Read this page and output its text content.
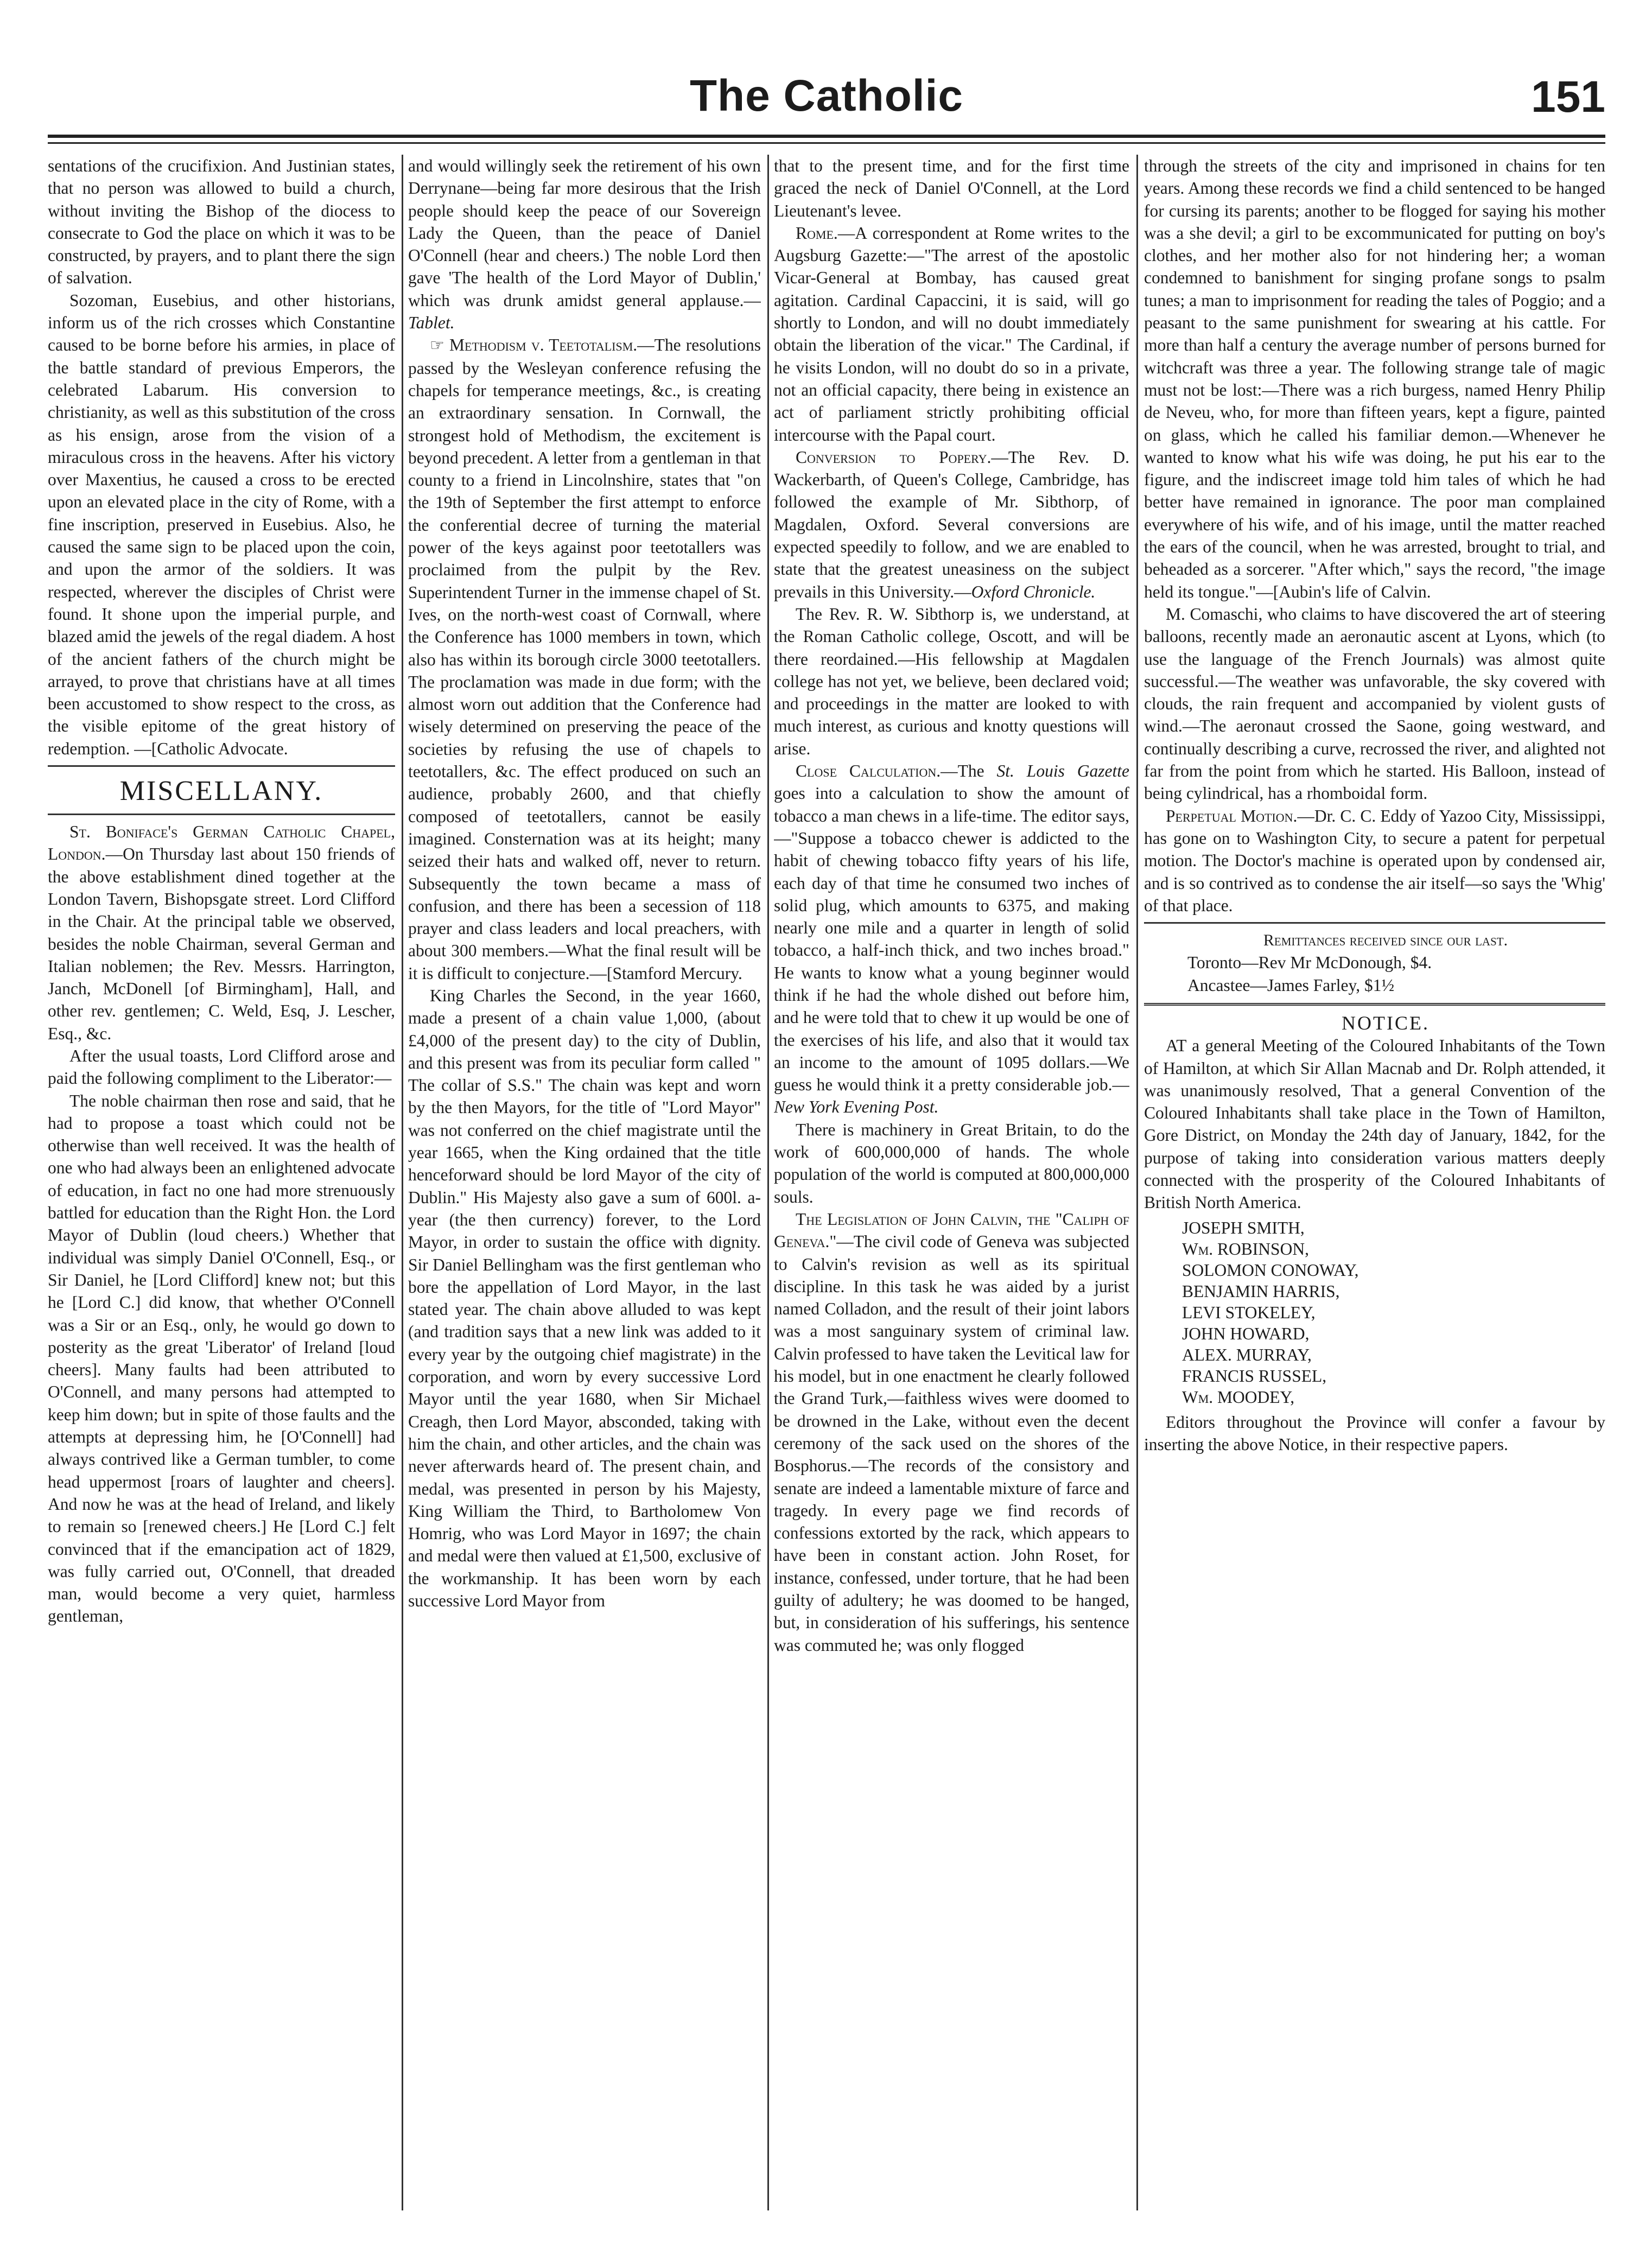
The Catholic	151

sentations of the crucifixion. And Justinian states, that no person was allowed to build a church, without inviting the Bishop of the diocess to consecrate to God the place on which it was to be constructed, by prayers, and to plant there the sign of salvation.

Sozoman, Eusebius, and other historians, inform us of the rich crosses which Constantine caused to be borne before his armies, in place of the battle standard of previous Emperors, the celebrated Labarum. His conversion to christianity, as well as this substitution of the cross as his ensign, arose from the vision of a miraculous cross in the heavens. After his victory over Maxentius, he caused a cross to be erected upon an elevated place in the city of Rome, with a fine inscription, preserved in Eusebius. Also, he caused the same sign to be placed upon the coin, and upon the armor of the soldiers. It was respected, wherever the disciples of Christ were found. It shone upon the imperial purple, and blazed amid the jewels of the regal diadem. A host of the ancient fathers of the church might be arrayed, to prove that christians have at all times been accustomed to show respect to the cross, as the visible epitome of the great history of redemption. —[Catholic Advocate.

MISCELLANY.

St. Boniface's German Catholic Chapel, London.—On Thursday last about 150 friends of the above establishment dined together at the London Tavern, Bishopsgate street. Lord Clifford in the Chair. At the principal table we observed, besides the noble Chairman, several German and Italian noblemen; the Rev. Messrs. Harrington, Janch, McDonell [of Birmingham], Hall, and other rev. gentlemen; C. Weld, Esq, J. Lescher, Esq., &c.

After the usual toasts, Lord Clifford arose and paid the following compliment to the Liberator:—

The noble chairman then rose and said, that he had to propose a toast which could not be otherwise than well received. It was the health of one who had always been an enlightened advocate of education, in fact no one had more strenuously battled for education than the Right Hon. the Lord Mayor of Dublin (loud cheers.) Whether that individual was simply Daniel O'Connell, Esq., or Sir Daniel, he [Lord Clifford] knew not; but this he [Lord C.] did know, that whether O'Connell was a Sir or an Esq., only, he would go down to posterity as the great 'Liberator' of Ireland [loud cheers]. Many faults had been attributed to O'Connell, and many persons had attempted to keep him down; but in spite of those faults and the attempts at depressing him, he [O'Connell] had always contrived like a German tumbler, to come head uppermost [roars of laughter and cheers]. And now he was at the head of Ireland, and likely to remain so [renewed cheers.] He [Lord C.] felt convinced that if the emancipation act of 1829, was fully carried out, O'Connell, that dreaded man, would become a very quiet, harmless gentleman,

and would willingly seek the retirement of his own Derrynane—being far more desirous that the Irish people should keep the peace of our Sovereign Lady the Queen, than the peace of Daniel O'Connell (hear and cheers.) The noble Lord then gave 'The health of the Lord Mayor of Dublin,' which was drunk amidst general applause.—Tablet.

☞ Methodism v. Teetotalism.—The resolutions passed by the Wesleyan conference refusing the chapels for temperance meetings, &c., is creating an extraordinary sensation. In Cornwall, the strongest hold of Methodism, the excitement is beyond precedent. A letter from a gentleman in that county to a friend in Lincolnshire, states that "on the 19th of September the first attempt to enforce the conferential decree of turning the material power of the keys against poor teetotallers was proclaimed from the pulpit by the Rev. Superintendent Turner in the immense chapel of St. Ives, on the north-west coast of Cornwall, where the Conference has 1000 members in town, which also has within its borough circle 3000 teetotallers. The proclamation was made in due form; with the almost worn out addition that the Conference had wisely determined on preserving the peace of the societies by refusing the use of chapels to teetotallers, &c. The effect produced on such an audience, probably 2600, and that chiefly composed of teetotallers, cannot be easily imagined. Consternation was at its height; many seized their hats and walked off, never to return. Subsequently the town became a mass of confusion, and there has been a secession of 118 prayer and class leaders and local preachers, with about 300 members.—What the final result will be it is difficult to conjecture.—[Stamford Mercury.

King Charles the Second, in the year 1660, made a present of a chain value 1,000, (about £4,000 of the present day) to the city of Dublin, and this present was from its peculiar form called " The collar of S.S." The chain was kept and worn by the then Mayors, for the title of "Lord Mayor" was not conferred on the chief magistrate until the year 1665, when the King ordained that the title henceforward should be lord Mayor of the city of Dublin." His Majesty also gave a sum of 600l. a-year (the then currency) forever, to the Lord Mayor, in order to sustain the office with dignity. Sir Daniel Bellingham was the first gentleman who bore the appellation of Lord Mayor, in the last stated year. The chain above alluded to was kept (and tradition says that a new link was added to it every year by the outgoing chief magistrate) in the corporation, and worn by every successive Lord Mayor until the year 1680, when Sir Michael Creagh, then Lord Mayor, absconded, taking with him the chain, and other articles, and the chain was never afterwards heard of. The present chain, and medal, was presented in person by his Majesty, King William the Third, to Bartholomew Von Homrig, who was Lord Mayor in 1697; the chain and medal were then valued at £1,500, exclusive of the workmanship. It has been worn by each successive Lord Mayor from

that to the present time, and for the first time graced the neck of Daniel O'Connell, at the Lord Lieutenant's levee.

Rome.—A correspondent at Rome writes to the Augsburg Gazette:—"The arrest of the apostolic Vicar-General at Bombay, has caused great agitation. Cardinal Capaccini, it is said, will go shortly to London, and will no doubt immediately obtain the liberation of the vicar." The Cardinal, if he visits London, will no doubt do so in a private, not an official capacity, there being in existence an act of parliament strictly prohibiting official intercourse with the Papal court.

Conversion to Popery.—The Rev. D. Wackerbarth, of Queen's College, Cambridge, has followed the example of Mr. Sibthorp, of Magdalen, Oxford. Several conversions are expected speedily to follow, and we are enabled to state that the greatest uneasiness on the subject prevails in this University.—Oxford Chronicle.

The Rev. R. W. Sibthorp is, we understand, at the Roman Catholic college, Oscott, and will be there reordained.—His fellowship at Magdalen college has not yet, we believe, been declared void; and proceedings in the matter are looked to with much interest, as curious and knotty questions will arise.

Close Calculation.—The St. Louis Gazette goes into a calculation to show the amount of tobacco a man chews in a life-time. The editor says,—"Suppose a tobacco chewer is addicted to the habit of chewing tobacco fifty years of his life, each day of that time he consumed two inches of solid plug, which amounts to 6375, and making nearly one mile and a quarter in length of solid tobacco, a half-inch thick, and two inches broad." He wants to know what a young beginner would think if he had the whole dished out before him, and he were told that to chew it up would be one of the exercises of his life, and also that it would tax an income to the amount of 1095 dollars.—We guess he would think it a pretty considerable job.—New York Evening Post.

There is machinery in Great Britain, to do the work of 600,000,000 of hands. The whole population of the world is computed at 800,000,000 souls.

The Legislation of John Calvin, the "Caliph of Geneva."—The civil code of Geneva was subjected to Calvin's revision as well as its spiritual discipline. In this task he was aided by a jurist named Colladon, and the result of their joint labors was a most sanguinary system of criminal law. Calvin professed to have taken the Levitical law for his model, but in one enactment he clearly followed the Grand Turk,—faithless wives were doomed to be drowned in the Lake, without even the decent ceremony of the sack used on the shores of the Bosphorus.—The records of the consistory and senate are indeed a lamentable mixture of farce and tragedy. In every page we find records of confessions extorted by the rack, which appears to have been in constant action. John Roset, for instance, confessed, under torture, that he had been guilty of adultery; he was doomed to be hanged, but, in consideration of his sufferings, his sentence was commuted he; was only flogged

through the streets of the city and imprisoned in chains for ten years. Among these records we find a child sentenced to be hanged for cursing its parents; another to be flogged for saying his mother was a she devil; a girl to be excommunicated for putting on boy's clothes, and her mother also for not hindering her; a woman condemned to banishment for singing profane songs to psalm tunes; a man to imprisonment for reading the tales of Poggio; and a peasant to the same punishment for swearing at his cattle. For more than half a century the average number of persons burned for witchcraft was three a year. The following strange tale of magic must not be lost:—There was a rich burgess, named Henry Philip de Neveu, who, for more than fifteen years, kept a figure, painted on glass, which he called his familiar demon.—Whenever he wanted to know what his wife was doing, he put his ear to the figure, and the indiscreet image told him tales of which he had better have remained in ignorance. The poor man complained everywhere of his wife, and of his image, until the matter reached the ears of the council, when he was arrested, brought to trial, and beheaded as a sorcerer. "After which," says the record, "the image held its tongue."—[Aubin's life of Calvin.

M. Comaschi, who claims to have discovered the art of steering balloons, recently made an aeronautic ascent at Lyons, which (to use the language of the French Journals) was almost quite successful.—The weather was unfavorable, the sky covered with clouds, the rain frequent and accompanied by violent gusts of wind.—The aeronaut crossed the Saone, going westward, and continually describing a curve, recrossed the river, and alighted not far from the point from which he started. His Balloon, instead of being cylindrical, has a rhomboidal form.

Perpetual Motion.—Dr. C. C. Eddy of Yazoo City, Mississippi, has gone on to Washington City, to secure a patent for perpetual motion. The Doctor's machine is operated upon by condensed air, and is so contrived as to condense the air itself—so says the 'Whig' of that place.

Remittances received since our last.

Toronto—Rev Mr McDonough, $4.

Ancastee—James Farley, $1½

NOTICE.

AT a general Meeting of the Coloured Inhabitants of the Town of Hamilton, at which Sir Allan Macnab and Dr. Rolph attended, it was unanimously resolved, That a general Convention of the Coloured Inhabitants shall take place in the Town of Hamilton, Gore District, on Monday the 24th day of January, 1842, for the purpose of taking into consideration various matters deeply connected with the prosperity of the Coloured Inhabitants of British North America.

JOSEPH SMITH,
Wm. ROBINSON,
SOLOMON CONOWAY,
BENJAMIN HARRIS,
LEVI STOKELEY,
JOHN HOWARD,
ALEX. MURRAY,
FRANCIS RUSSEL,
Wm. MOODEY,

Editors throughout the Province will confer a favour by inserting the above Notice, in their respective papers.
